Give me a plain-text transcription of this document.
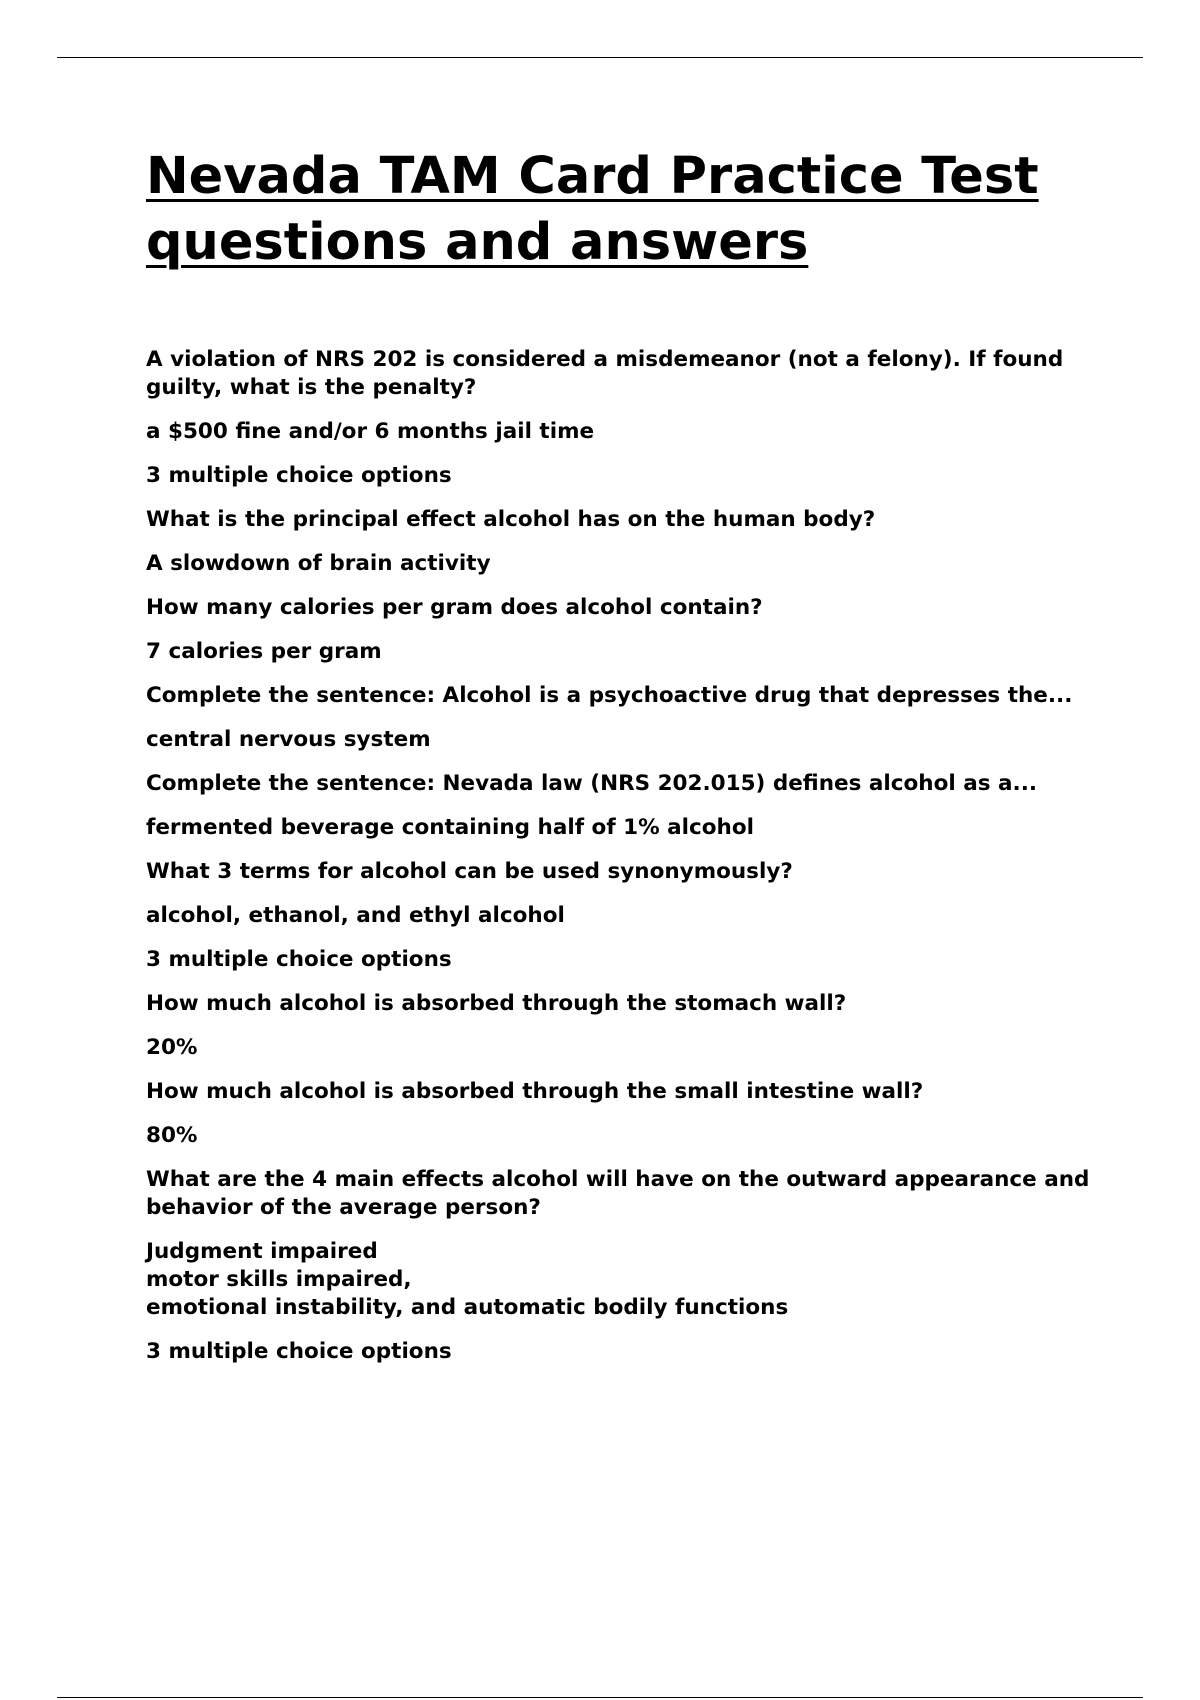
Nevada TAM Card Practice Test questions and answers

A violation of NRS 202 is considered a misdemeanor (not a felony). If found guilty, what is the penalty?

a $500 fine and/or 6 months jail time

3 multiple choice options

What is the principal effect alcohol has on the human body?

A slowdown of brain activity

How many calories per gram does alcohol contain?

7 calories per gram

Complete the sentence: Alcohol is a psychoactive drug that depresses the...

central nervous system

Complete the sentence: Nevada law (NRS 202.015) defines alcohol as a...

fermented beverage containing half of 1% alcohol

What 3 terms for alcohol can be used synonymously?

alcohol, ethanol, and ethyl alcohol

3 multiple choice options

How much alcohol is absorbed through the stomach wall?

20%

How much alcohol is absorbed through the small intestine wall?

80%

What are the 4 main effects alcohol will have on the outward appearance and behavior of the average person?

Judgment impaired
motor skills impaired,
emotional instability, and automatic bodily functions

3 multiple choice options
